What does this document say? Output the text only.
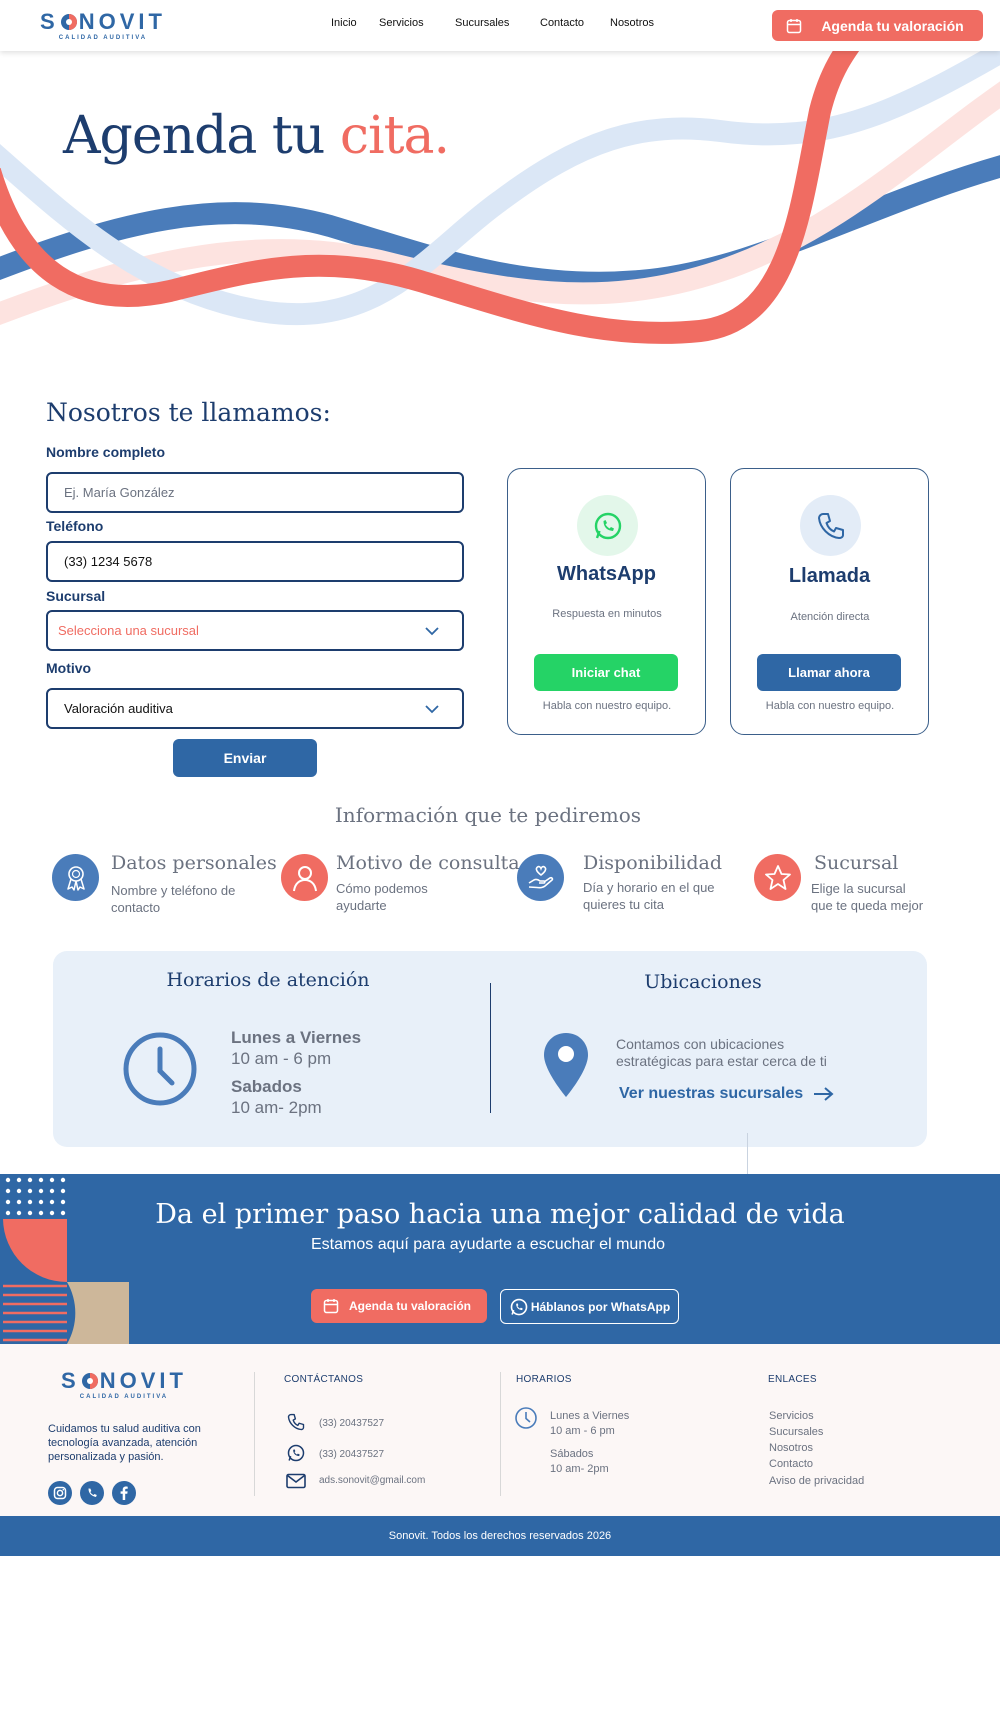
S NOVIT
CALIDAD AUDITIVA
Inicio Servicios	Sucursales	Contacto Nosotros	Agenda tu valoración
Agenda tu cita.
Nosotros te llamamos:
Nombre completo
Ej. María González
Teléfono
(33) 1234 5678
Sucursal
Selecciona una sucursal
Motivo
Valoración auditiva
Enviar
WhatsApp
Respuesta en minutos
Iniciar chat
Habla con nuestro equipo.
Llamada
Atención directa
Llamar ahora
Habla con nuestro equipo.
Información que te pediremos
Datos personales
Nombre y teléfono de contacto
Motivo de consulta
Cómo podemos ayudarte
Disponibilidad
Día y horario en el que quieres tu cita
Sucursal
Elige la sucursal que te queda mejor
Horarios de atención
Lunes a Viernes
10 am - 6 pm
Sabados
10 am- 2pm
Ubicaciones
Contamos con ubicaciones estratégicas para estar cerca de ti
Ver nuestras sucursales
Da el primer paso hacia una mejor calidad de vida
Estamos aquí para ayudarte a escuchar el mundo
Agenda tu valoración	Háblanos por WhatsApp
S NOVIT
CALIDAD AUDITIVA
Cuidamos tu salud auditiva con tecnología avanzada, atención personalizada y pasión.
CONTÁCTANOS
(33) 20437527
(33) 20437527
ads.sonovit@gmail.com
HORARIOS
Lunes a Viernes
10 am - 6 pm
Sábados
10 am- 2pm
ENLACES
Servicios
Sucursales
Nosotros
Contacto
Aviso de privacidad
Sonovit. Todos los derechos reservados 2026
